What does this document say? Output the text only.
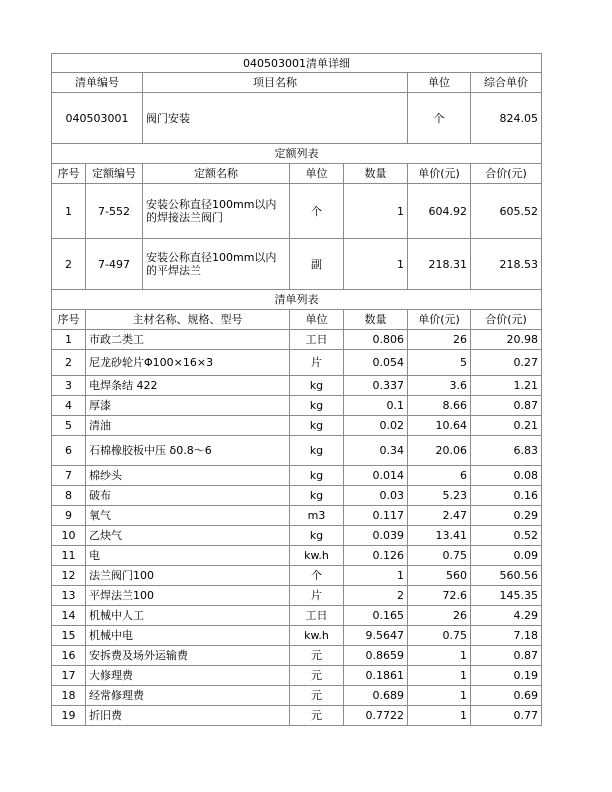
040503001清单详细			
清单编号	项目名称	单位	综合单价
040503001	阀门安装	个	824.05
定额列表						
序号	定额编号	定额名称	单位	数量	单价(元)	合价(元)
1	7-552	安装公称直径100mm以内的焊接法兰阀门	个	1	604.92	605.52
2	7-497	安装公称直径100mm以内的平焊法兰	副	1	218.31	218.53
清单列表					
序号	主材名称、规格、型号	单位	数量	单价(元)	合价(元)
1	市政二类工	工日	0.806	26	20.98
2	尼龙砂轮片Φ100×16×3	片	0.054	5	0.27
3	电焊条结 422	kg	0.337	3.6	1.21
4	厚漆	kg	0.1	8.66	0.87
5	清油	kg	0.02	10.64	0.21
6	石棉橡胶板中压 δ0.8～6	kg	0.34	20.06	6.83
7	棉纱头	kg	0.014	6	0.08
8	破布	kg	0.03	5.23	0.16
9	氧气	m3	0.117	2.47	0.29
10	乙炔气	kg	0.039	13.41	0.52
11	电	kw.h	0.126	0.75	0.09
12	法兰阀门100	个	1	560	560.56
13	平焊法兰100	片	2	72.6	145.35
14	机械中人工	工日	0.165	26	4.29
15	机械中电	kw.h	9.5647	0.75	7.18
16	安拆费及场外运输费	元	0.8659	1	0.87
17	大修理费	元	0.1861	1	0.19
18	经常修理费	元	0.689	1	0.69
19	折旧费	元	0.7722	1	0.77
